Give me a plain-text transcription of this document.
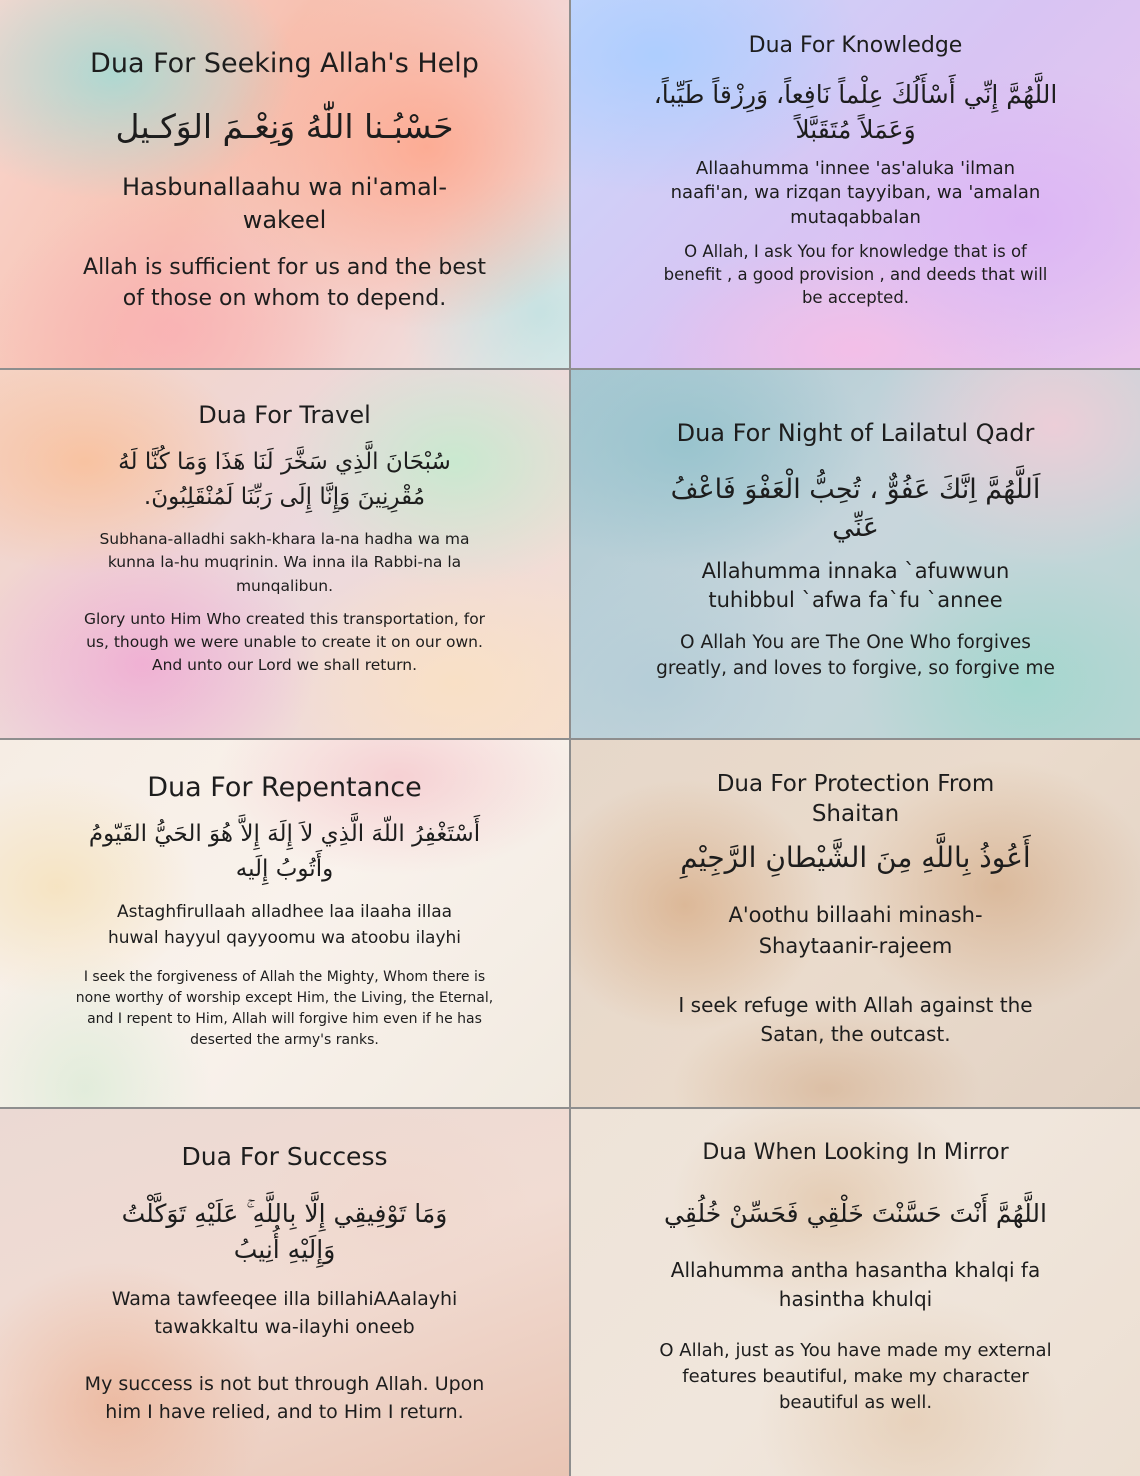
Dua For Seeking Allah's Help

حَسْبُـنا اللّٰهُ وَنِعْـمَ الوَكـيل

Hasbunallaahu wa ni'amal-wakeel

Allah is sufficient for us and the best of those on whom to depend.

Dua For Knowledge

اللَّهُمَّ إِنِّي أَسْأَلُكَ عِلْماً نَافِعاً، وَرِزْقاً طَيِّباً، وَعَمَلاً مُتَقَبَّلاً

Allaahumma 'innee 'as'aluka 'ilman naafi'an, wa rizqan tayyiban, wa 'amalan mutaqabbalan

O Allah, I ask You for knowledge that is of benefit , a good provision , and deeds that will be accepted.

Dua For Travel

سُبْحَانَ الَّذِي سَخَّرَ لَنَا هَذَا وَمَا كُنَّا لَهُ مُقْرِنِينَ وَإِنَّا إِلَى رَبِّنَا لَمُنْقَلِبُونَ.

Subhana-alladhi sakh-khara la-na hadha wa ma kunna la-hu muqrinin. Wa inna ila Rabbi-na la munqalibun.

Glory unto Him Who created this transportation, for us, though we were unable to create it on our own. And unto our Lord we shall return.

Dua For Night of Lailatul Qadr

اَللَّهُمَّ اِنَّكَ عَفُوٌّ ، تُحِبُّ الْعَفْوَ فَاعْفُ عَنِّي

Allahumma innaka `afuwwun tuhibbul `afwa fa`fu `annee

O Allah You are The One Who forgives greatly, and loves to forgive, so forgive me

Dua For Repentance

أَسْتَغْفِرُ اللّهَ الَّذِي لاَ إِلَهَ إِلاَّ هُوَ الحَيُّ القَيّومُ وأَتُوبُ إِلَيه

Astaghfirullaah alladhee laa ilaaha illaa huwal hayyul qayyoomu wa atoobu ilayhi

I seek the forgiveness of Allah the Mighty, Whom there is none worthy of worship except Him, the Living, the Eternal, and I repent to Him, Allah will forgive him even if he has deserted the army's ranks.

Dua For Protection From Shaitan

أَعُوذُ بِاللَّهِ مِنَ الشَّيْطانِ الرَّجِيْمِ

A'oothu billaahi minash-Shaytaanir-rajeem

I seek refuge with Allah against the Satan, the outcast.

Dua For Success

وَمَا تَوْفِيقِي إِلَّا بِاللَّهِ ۚ عَلَيْهِ تَوَكَّلْتُ وَإِلَيْهِ أُنِيبُ

Wama tawfeeqee illa billahiAAalayhi tawakkaltu wa-ilayhi oneeb

My success is not but through Allah. Upon him I have relied, and to Him I return.

Dua When Looking In Mirror

اللَّهُمَّ أَنْتَ حَسَّنْتَ خَلْقِي فَحَسِّنْ خُلُقِي

Allahumma antha hasantha khalqi fa hasintha khulqi

O Allah, just as You have made my external features beautiful, make my character beautiful as well.
